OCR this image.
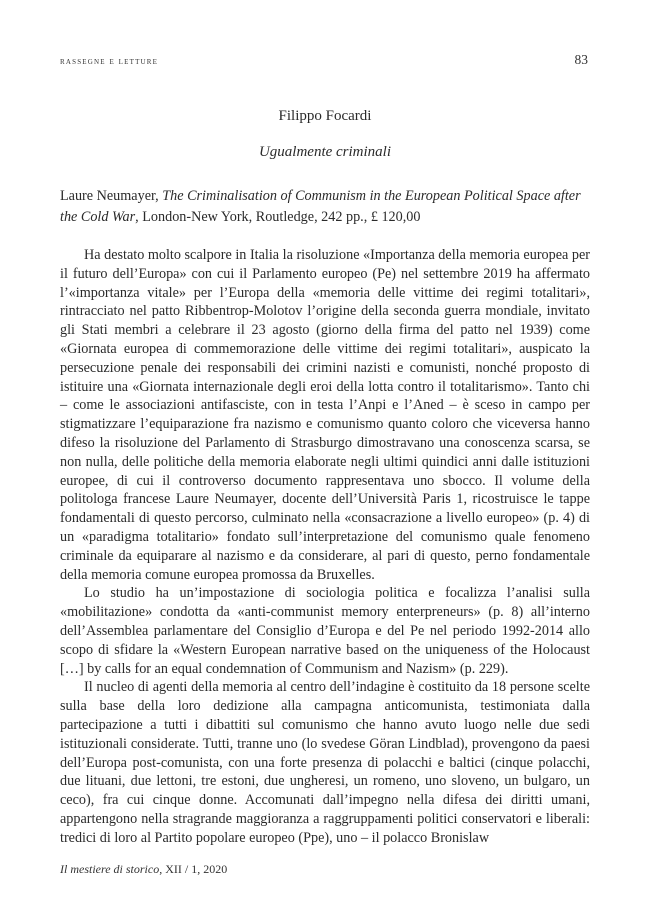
rassegne e letture	83
Filippo Focardi
Ugualmente criminali
Laure Neumayer, The Criminalisation of Communism in the European Political Space after the Cold War, London-New York, Routledge, 242 pp., £ 120,00

Ha destato molto scalpore in Italia la risoluzione «Importanza della memoria europea per il futuro dell’Europa» con cui il Parlamento europeo (Pe) nel settembre 2019 ha affermato l’«importanza vitale» per l’Europa della «memoria delle vittime dei regimi totalitari», rintracciato nel patto Ribbentrop-Molotov l’origine della seconda guerra mondiale, invitato gli Stati membri a celebrare il 23 agosto (giorno della firma del patto nel 1939) come «Giornata europea di commemorazione delle vittime dei regimi totalitari», auspicato la persecuzione penale dei responsabili dei crimini nazisti e comunisti, nonché proposto di istituire una «Giornata internazionale degli eroi della lotta contro il totalitarismo». Tanto chi – come le associazioni antifasciste, con in testa l’Anpi e l’Aned – è sceso in campo per stigmatizzare l’equiparazione fra nazismo e comunismo quanto coloro che viceversa hanno difeso la risoluzione del Parlamento di Strasburgo dimostravano una conoscenza scarsa, se non nulla, delle politiche della memoria elaborate negli ultimi quindici anni dalle istituzioni europee, di cui il controverso documento rappresentava uno sbocco. Il volume della politologa francese Laure Neumayer, docente dell’Università Paris 1, ricostruisce le tappe fondamentali di questo percorso, culminato nella «consacrazione a livello europeo» (p. 4) di un «paradigma totalitario» fondato sull’interpretazione del comunismo quale fenomeno criminale da equiparare al nazismo e da considerare, al pari di questo, perno fondamentale della memoria comune europea promossa da Bruxelles.

Lo studio ha un’impostazione di sociologia politica e focalizza l’analisi sulla «mobilitazione» condotta da «anti-communist memory enterpreneurs» (p. 8) all’interno dell’Assemblea parlamentare del Consiglio d’Europa e del Pe nel periodo 1992-2014 allo scopo di sfidare la «Western European narrative based on the uniqueness of the Holocaust […] by calls for an equal condemnation of Communism and Nazism» (p. 229).

Il nucleo di agenti della memoria al centro dell’indagine è costituito da 18 persone scelte sulla base della loro dedizione alla campagna anticomunista, testimoniata dalla partecipazione a tutti i dibattiti sul comunismo che hanno avuto luogo nelle due sedi istituzionali considerate. Tutti, tranne uno (lo svedese Göran Lindblad), provengono da paesi dell’Europa post-comunista, con una forte presenza di polacchi e baltici (cinque polacchi, due lituani, due lettoni, tre estoni, due ungheresi, un romeno, uno sloveno, un bulgaro, un ceco), fra cui cinque donne. Accomunati dall’impegno nella difesa dei diritti umani, appartengono nella stragrande maggioranza a raggruppamenti politici conservatori e liberali: tredici di loro al Partito popolare europeo (Ppe), uno – il polacco Bronislaw

Il mestiere di storico, XII / 1, 2020
